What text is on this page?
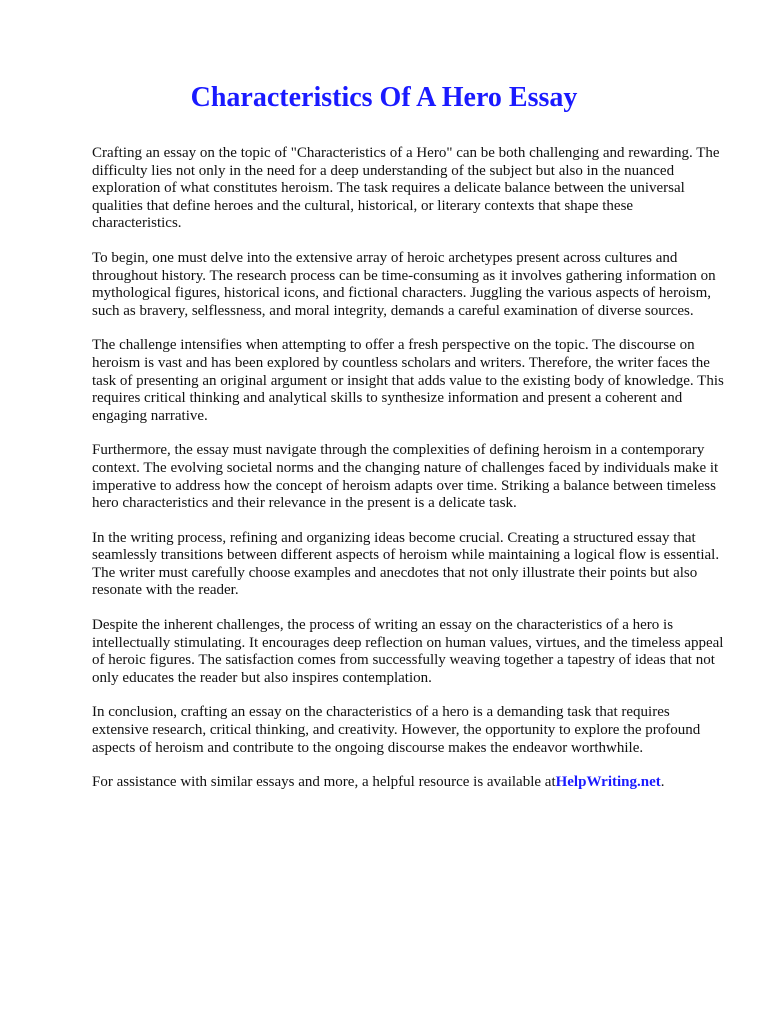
Characteristics Of A Hero Essay

Crafting an essay on the topic of "Characteristics of a Hero" can be both challenging and rewarding. The difficulty lies not only in the need for a deep understanding of the subject but also in the nuanced exploration of what constitutes heroism. The task requires a delicate balance between the universal qualities that define heroes and the cultural, historical, or literary contexts that shape these characteristics.

To begin, one must delve into the extensive array of heroic archetypes present across cultures and throughout history. The research process can be time-consuming as it involves gathering information on mythological figures, historical icons, and fictional characters. Juggling the various aspects of heroism, such as bravery, selflessness, and moral integrity, demands a careful examination of diverse sources.

The challenge intensifies when attempting to offer a fresh perspective on the topic. The discourse on heroism is vast and has been explored by countless scholars and writers. Therefore, the writer faces the task of presenting an original argument or insight that adds value to the existing body of knowledge. This requires critical thinking and analytical skills to synthesize information and present a coherent and engaging narrative.

Furthermore, the essay must navigate through the complexities of defining heroism in a contemporary context. The evolving societal norms and the changing nature of challenges faced by individuals make it imperative to address how the concept of heroism adapts over time. Striking a balance between timeless hero characteristics and their relevance in the present is a delicate task.

In the writing process, refining and organizing ideas become crucial. Creating a structured essay that seamlessly transitions between different aspects of heroism while maintaining a logical flow is essential. The writer must carefully choose examples and anecdotes that not only illustrate their points but also resonate with the reader.

Despite the inherent challenges, the process of writing an essay on the characteristics of a hero is intellectually stimulating. It encourages deep reflection on human values, virtues, and the timeless appeal of heroic figures. The satisfaction comes from successfully weaving together a tapestry of ideas that not only educates the reader but also inspires contemplation.

In conclusion, crafting an essay on the characteristics of a hero is a demanding task that requires extensive research, critical thinking, and creativity. However, the opportunity to explore the profound aspects of heroism and contribute to the ongoing discourse makes the endeavor worthwhile.

For assistance with similar essays and more, a helpful resource is available atHelpWriting.net.
